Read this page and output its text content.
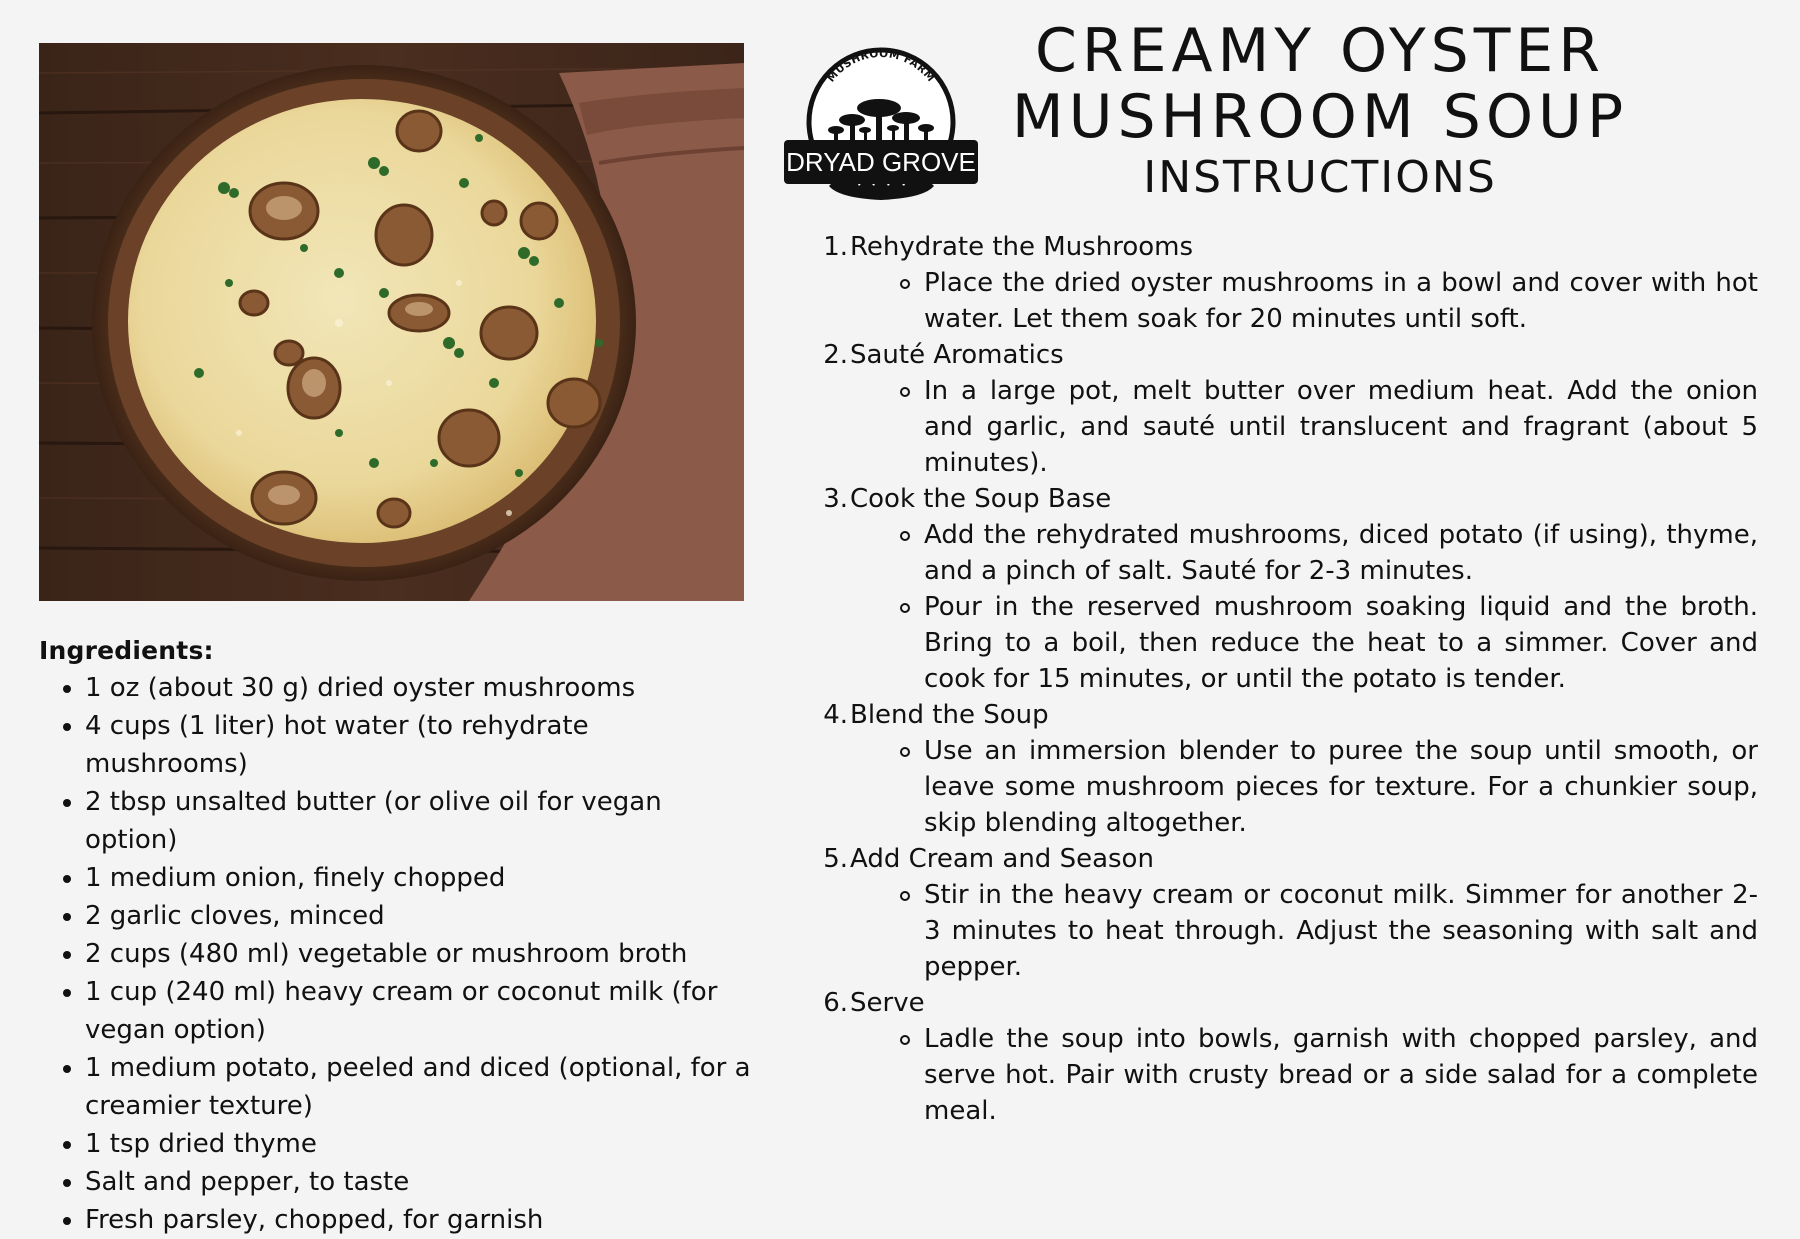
MUSHROOM FARM
DRYAD GROVE
CREAMY OYSTER
MUSHROOM SOUP
INSTRUCTIONS
Ingredients:
• 1 oz (about 30 g) dried oyster mushrooms
• 4 cups (1 liter) hot water (to rehydrate mushrooms)
• 2 tbsp unsalted butter (or olive oil for vegan option)
• 1 medium onion, finely chopped
• 2 garlic cloves, minced
• 2 cups (480 ml) vegetable or mushroom broth
• 1 cup (240 ml) heavy cream or coconut milk (for vegan option)
• 1 medium potato, peeled and diced (optional, for a creamier texture)
• 1 tsp dried thyme
• Salt and pepper, to taste
• Fresh parsley, chopped, for garnish
1. Rehydrate the Mushrooms
Place the dried oyster mushrooms in a bowl and cover with hot water. Let them soak for 20 minutes until soft.
2. Sauté Aromatics
In a large pot, melt butter over medium heat. Add the onion and garlic, and sauté until translucent and fragrant (about 5 minutes).
3. Cook the Soup Base
Add the rehydrated mushrooms, diced potato (if using), thyme, and a pinch of salt. Sauté for 2-3 minutes.
Pour in the reserved mushroom soaking liquid and the broth. Bring to a boil, then reduce the heat to a simmer. Cover and cook for 15 minutes, or until the potato is tender.
4. Blend the Soup
Use an immersion blender to puree the soup until smooth, or leave some mushroom pieces for texture. For a chunkier soup, skip blending altogether.
5. Add Cream and Season
Stir in the heavy cream or coconut milk. Simmer for another 2-3 minutes to heat through. Adjust the seasoning with salt and pepper.
6. Serve
Ladle the soup into bowls, garnish with chopped parsley, and serve hot. Pair with crusty bread or a side salad for a complete meal.
